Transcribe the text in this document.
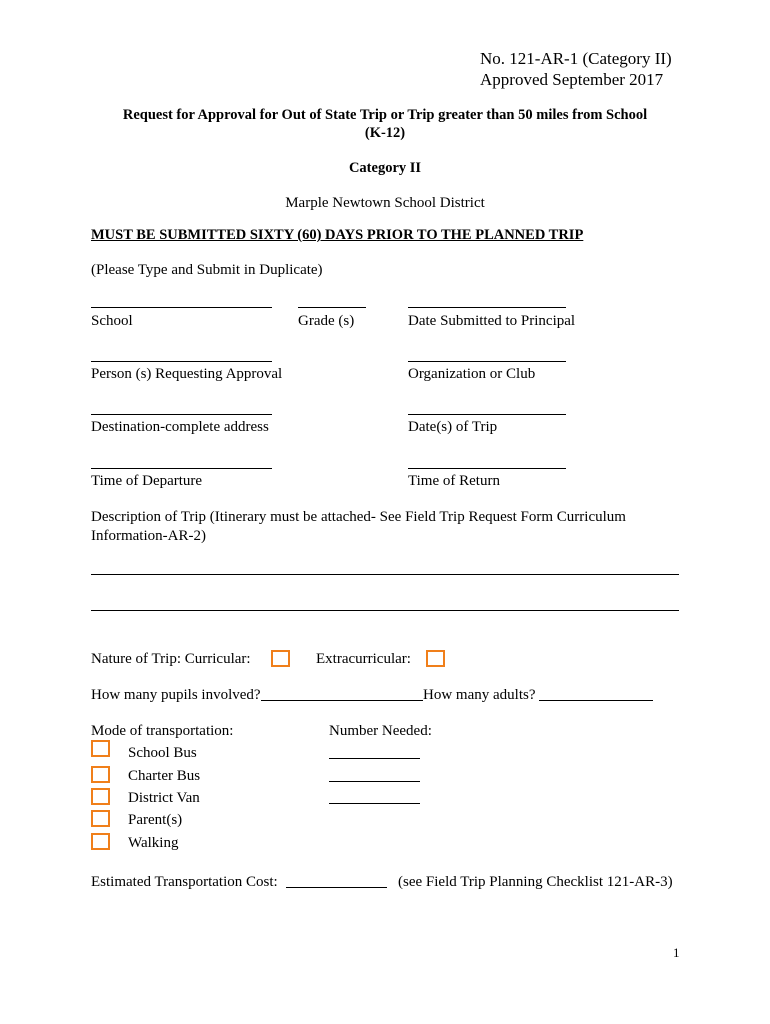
No. 121-AR-1 (Category II)
Approved September 2017
Request for Approval for Out of State Trip or Trip greater than 50 miles from School
(K-12)
Category II
Marple Newtown School District
MUST BE SUBMITTED SIXTY (60) DAYS PRIOR TO THE PLANNED TRIP
(Please Type and Submit in Duplicate)
School	Grade (s)	Date Submitted to Principal
Person (s) Requesting Approval	Organization or Club
Destination-complete address	Date(s) of Trip
Time of Departure	Time of Return
Description of Trip (Itinerary must be attached- See Field Trip Request Form Curriculum
Information-AR-2)
Nature of Trip: Curricular:	Extracurricular:
How many pupils involved?	How many adults?
Mode of transportation:	Number Needed:
School Bus
Charter Bus
District Van
Parent(s)
Walking
Estimated Transportation Cost:	(see Field Trip Planning Checklist 121-AR-3)
1
